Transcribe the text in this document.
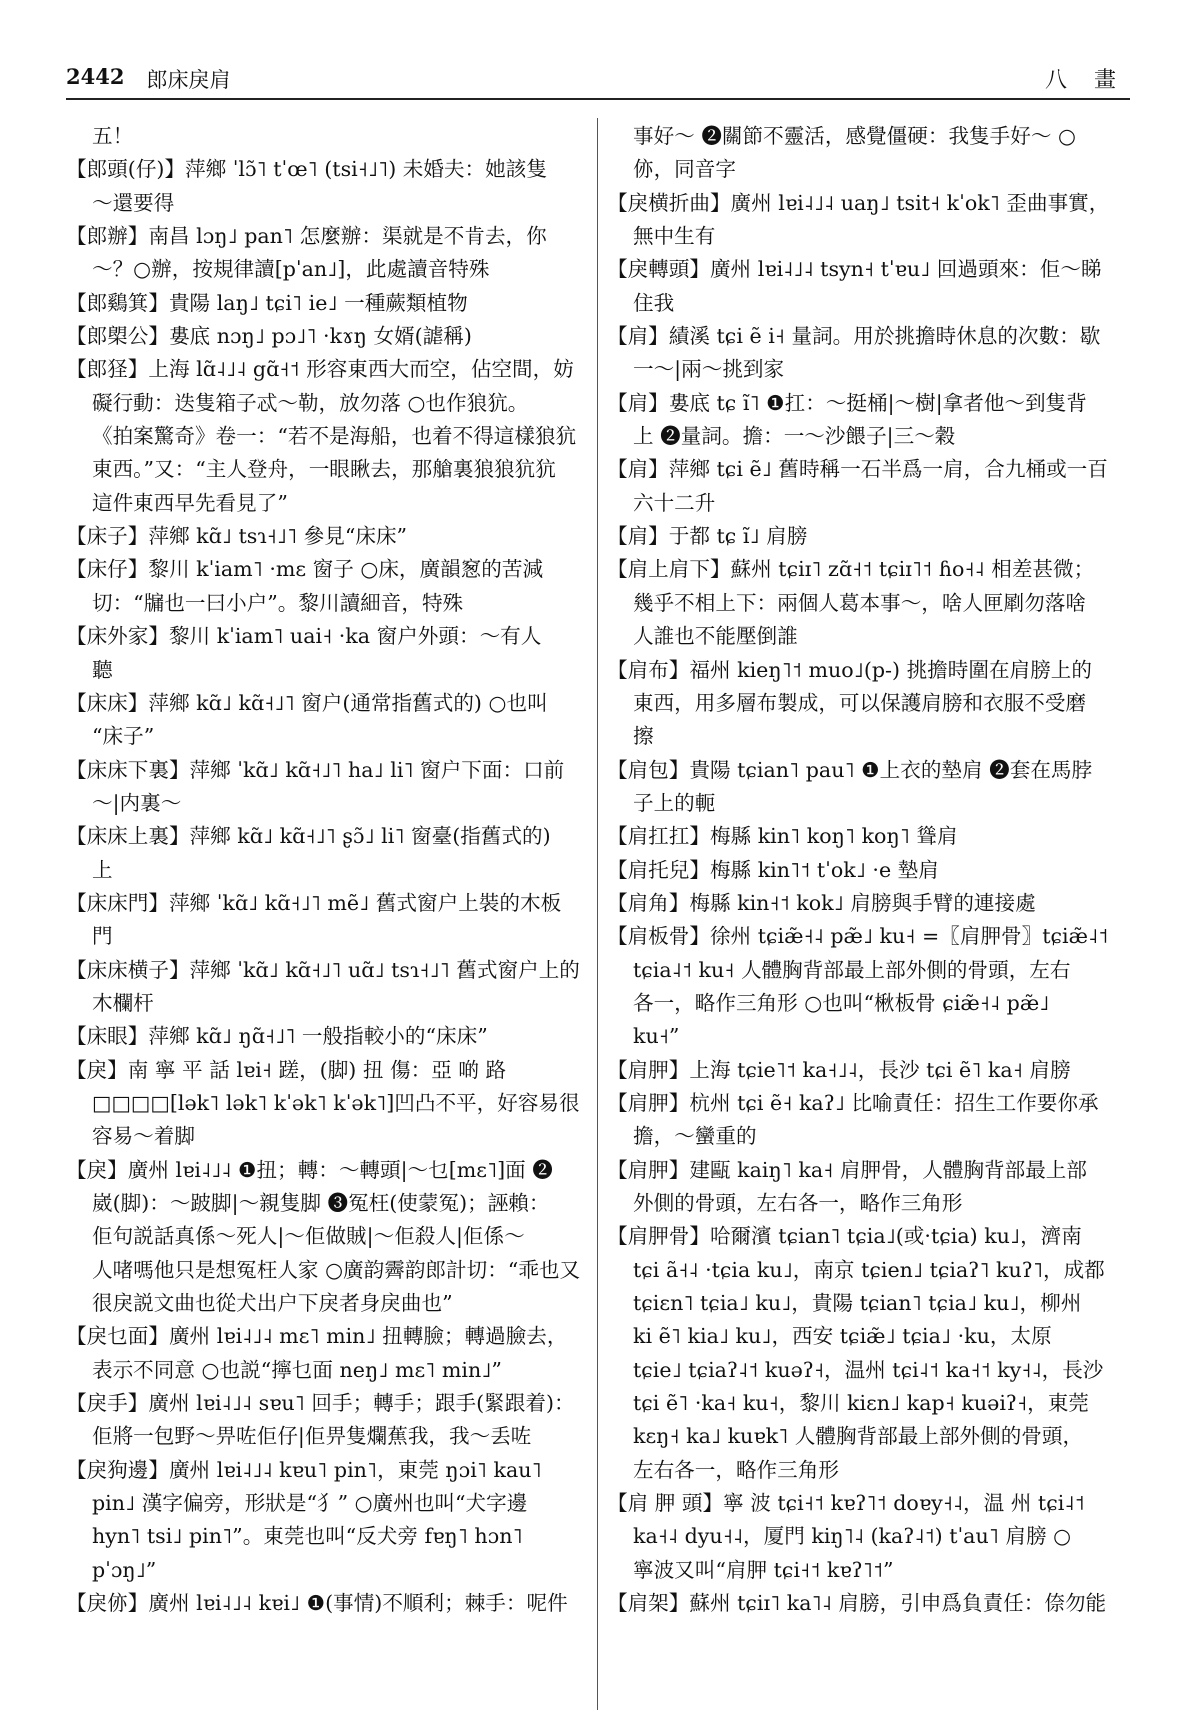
2442 郎床戾肩	八 畫
五！
【郎頭(仔)】萍鄉 ˈlɔ̃˥ tˈœ˥ (tsi˧˩˥) 未婚夫：她該隻
～還要得
【郎辦】南昌 lɔŋ˩ pan˥ 怎麼辦：渠就是不肯去，你
～？○辦，按規律讀[pˈan˩]，此處讀音特殊
【郎鷄箕】貴陽 laŋ˩ tɕi˥ ie˩ 一種蕨類植物
【郎㮾公】婁底 nɔŋ˩ pɔ˩˥ ·kɤŋ 女婿(謔稱)
【郎㹩】上海 lɑ̃˨˩˨ gɑ̃˧˦ 形容東西大而空，佔空間，妨
礙行動：迭隻箱子忒～勒，放勿落 ○也作狼犺。
《拍案驚奇》卷一：“若不是海船，也着不得這樣狼犺
東西。”又：“主人登舟，一眼瞅去，那艙裏狼狼犺犺
這件東西早先看見了”
【床子】萍鄉 kɑ̃˩ tsɿ˧˩˥ 參見“床床”
【床仔】黎川 kˈiam˥ ·mɛ 窗子 ○床，廣韻䆫的苦減
切：“牖也一曰小户”。黎川讀細音，特殊
【床外家】黎川 kˈiam˥ uai˧ ·ka 窗户外頭：～有人
聽
【床床】萍鄉 kɑ̃˩ kɑ̃˧˩˥ 窗户(通常指舊式的) ○也叫
“床子”
【床床下裏】萍鄉 ˈkɑ̃˩ kɑ̃˧˩˥ ha˩ li˥ 窗户下面：口前
～|内裏～
【床床上裏】萍鄉 kɑ̃˩ kɑ̃˧˩˥ ʂɔ̃˩ li˥ 窗臺(指舊式的)
上
【床床門】萍鄉 ˈkɑ̃˩ kɑ̃˧˩˥ mẽ˩ 舊式窗户上裝的木板
門
【床床横子】萍鄉 ˈkɑ̃˩ kɑ̃˧˩˥ uɑ̃˩ tsɿ˧˩˥ 舊式窗户上的
木欄杆
【床眼】萍鄉 kɑ̃˩ ŋɑ̃˧˩˥ 一般指較小的“床床”
【戾】南 寧 平 話 lɐi˧ 蹉，(脚) 扭 傷：亞 啲 路
□□□□[lək˥ lək˥ kˈək˥ kˈək˥]凹凸不平，好容易很
容易～着脚
【戾】廣州 lɐi˨˩˨ ❶扭；轉：～轉頭|～乜[mɛ˥]面 ❷
崴(脚)：～跛脚|～親隻脚 ❸冤枉(使蒙冤)；誣賴：
佢句説話真係～死人|～佢做賊|～佢殺人|佢係～
人啫嗎他只是想冤枉人家 ○廣韵霽韵郎計切：“乖也又
很戾説文曲也從犬出户下戾者身戾曲也”
【戾乜面】廣州 lɐi˨˩˨ mɛ˥ min˩ 扭轉臉；轉過臉去，
表示不同意 ○也説“擰乜面 neŋ˩ mɛ˥ min˩”
【戾手】廣州 lɐi˨˩˨ sɐu˥ 回手；轉手；跟手(緊跟着)：
佢將一包野～畀咗佢仔|佢畀隻爛蕉我，我～丢咗
【戾狗邊】廣州 lɐi˨˩˨ kɐu˥ pin˥，東莞 ŋɔi˥ kau˥
pin˩ 漢字偏旁，形狀是“犭” ○廣州也叫“犬字邊
hyn˥ tsi˩ pin˥”。東莞也叫“反犬旁 fɐŋ˥ hɔn˥
pˈɔŋ˩”
【戾㑊】廣州 lɐi˨˩˨ kɐi˩ ❶(事情)不順利；棘手：呢件
事好～ ❷關節不靈活，感覺僵硬：我隻手好～ ○
㑊，同音字
【戾横折曲】廣州 lɐi˨˩˨ uaŋ˩ tsit˧ kˈok˥ 歪曲事實，
無中生有
【戾轉頭】廣州 lɐi˨˩˨ tsyn˧ tˈɐu˩ 回過頭來：佢～睇
住我
【肩】績溪 tɕi ẽ i˧ 量詞。用於挑擔時休息的次數：歇
一～|兩～挑到家
【肩】婁底 tɕ ĩ˥ ❶扛：～挺桶|～樹|拿者他～到隻背
上 ❷量詞。擔：一～沙餵子|三～穀
【肩】萍鄉 tɕi ẽ˩ 舊時稱一石半爲一肩，合九桶或一百
六十二升
【肩】于都 tɕ ĩ˩ 肩膀
【肩上肩下】蘇州 tɕiɪ˥ zɑ̃˧˦ tɕiɪ˥˦ ɦo˧˨ 相差甚微；
幾乎不相上下：兩個人葛本事～，啥人匣㓾勿落啥
人誰也不能壓倒誰
【肩布】福州 kieŋ˥˦ muo˩(p-) 挑擔時圍在肩膀上的
東西，用多層布製成，可以保護肩膀和衣服不受磨
擦
【肩包】貴陽 tɕian˥ pau˥ ❶上衣的墊肩 ❷套在馬脖
子上的軛
【肩扛扛】梅縣 kin˥ koŋ˥ koŋ˥ 聳肩
【肩托兒】梅縣 kin˥˦ tˈok˩ ·e 墊肩
【肩角】梅縣 kin˧˦ kok˩ 肩膀與手臂的連接處
【肩板骨】徐州 tɕiæ̃˧˨ pæ̃˩ ku˧ =〖肩胛骨〗tɕiæ̃˨˦
tɕia˨˦ ku˧ 人體胸背部最上部外側的骨頭，左右
各一，略作三角形 ○也叫“楸板骨 ɕiæ̃˧˨ pæ̃˩
ku˧”
【肩胛】上海 tɕie˥˦ ka˧˩˨，長沙 tɕi ẽ˥ ka˧ 肩膀
【肩胛】杭州 tɕi ẽ˧ kaʔ˩ 比喻責任：招生工作要你承
擔，～蠻重的
【肩胛】建甌 kaiŋ˥ ka˧ 肩胛骨，人體胸背部最上部
外側的骨頭，左右各一，略作三角形
【肩胛骨】哈爾濱 tɕian˥ tɕia˩(或·tɕia) ku˩，濟南
tɕi ã˧˨ ·tɕia ku˩，南京 tɕien˩ tɕiaʔ˥ kuʔ˥，成都
tɕiɛn˥ tɕia˩ ku˩，貴陽 tɕian˥ tɕia˩ ku˩，柳州
ki ẽ˥ kia˩ ku˩，西安 tɕiæ̃˩ tɕia˩ ·ku，太原
tɕie˩ tɕiaʔ˨˦ kuəʔ˧，温州 tɕi˨˦ ka˧˦ ky˧˨，長沙
tɕi ẽ˥ ·ka˧ ku˧，黎川 kiɛn˩ kap˧ kuəiʔ˧，東莞
kɛŋ˧ ka˩ kuɐk˥ 人體胸背部最上部外側的骨頭，
左右各一，略作三角形
【肩 胛 頭】寧 波 tɕi˧˦ kɐʔ˥˦ doɐy˧˨，温 州 tɕi˨˦
ka˧˨ dyu˧˨，厦門 kiŋ˥˨ (kaʔ˨˦) tˈau˥ 肩膀 ○
寧波又叫“肩胛 tɕi˧˦ kɐʔ˥˦”
【肩架】蘇州 tɕiɪ˥ ka˥˨ 肩膀，引申爲負責任：倷勿能
